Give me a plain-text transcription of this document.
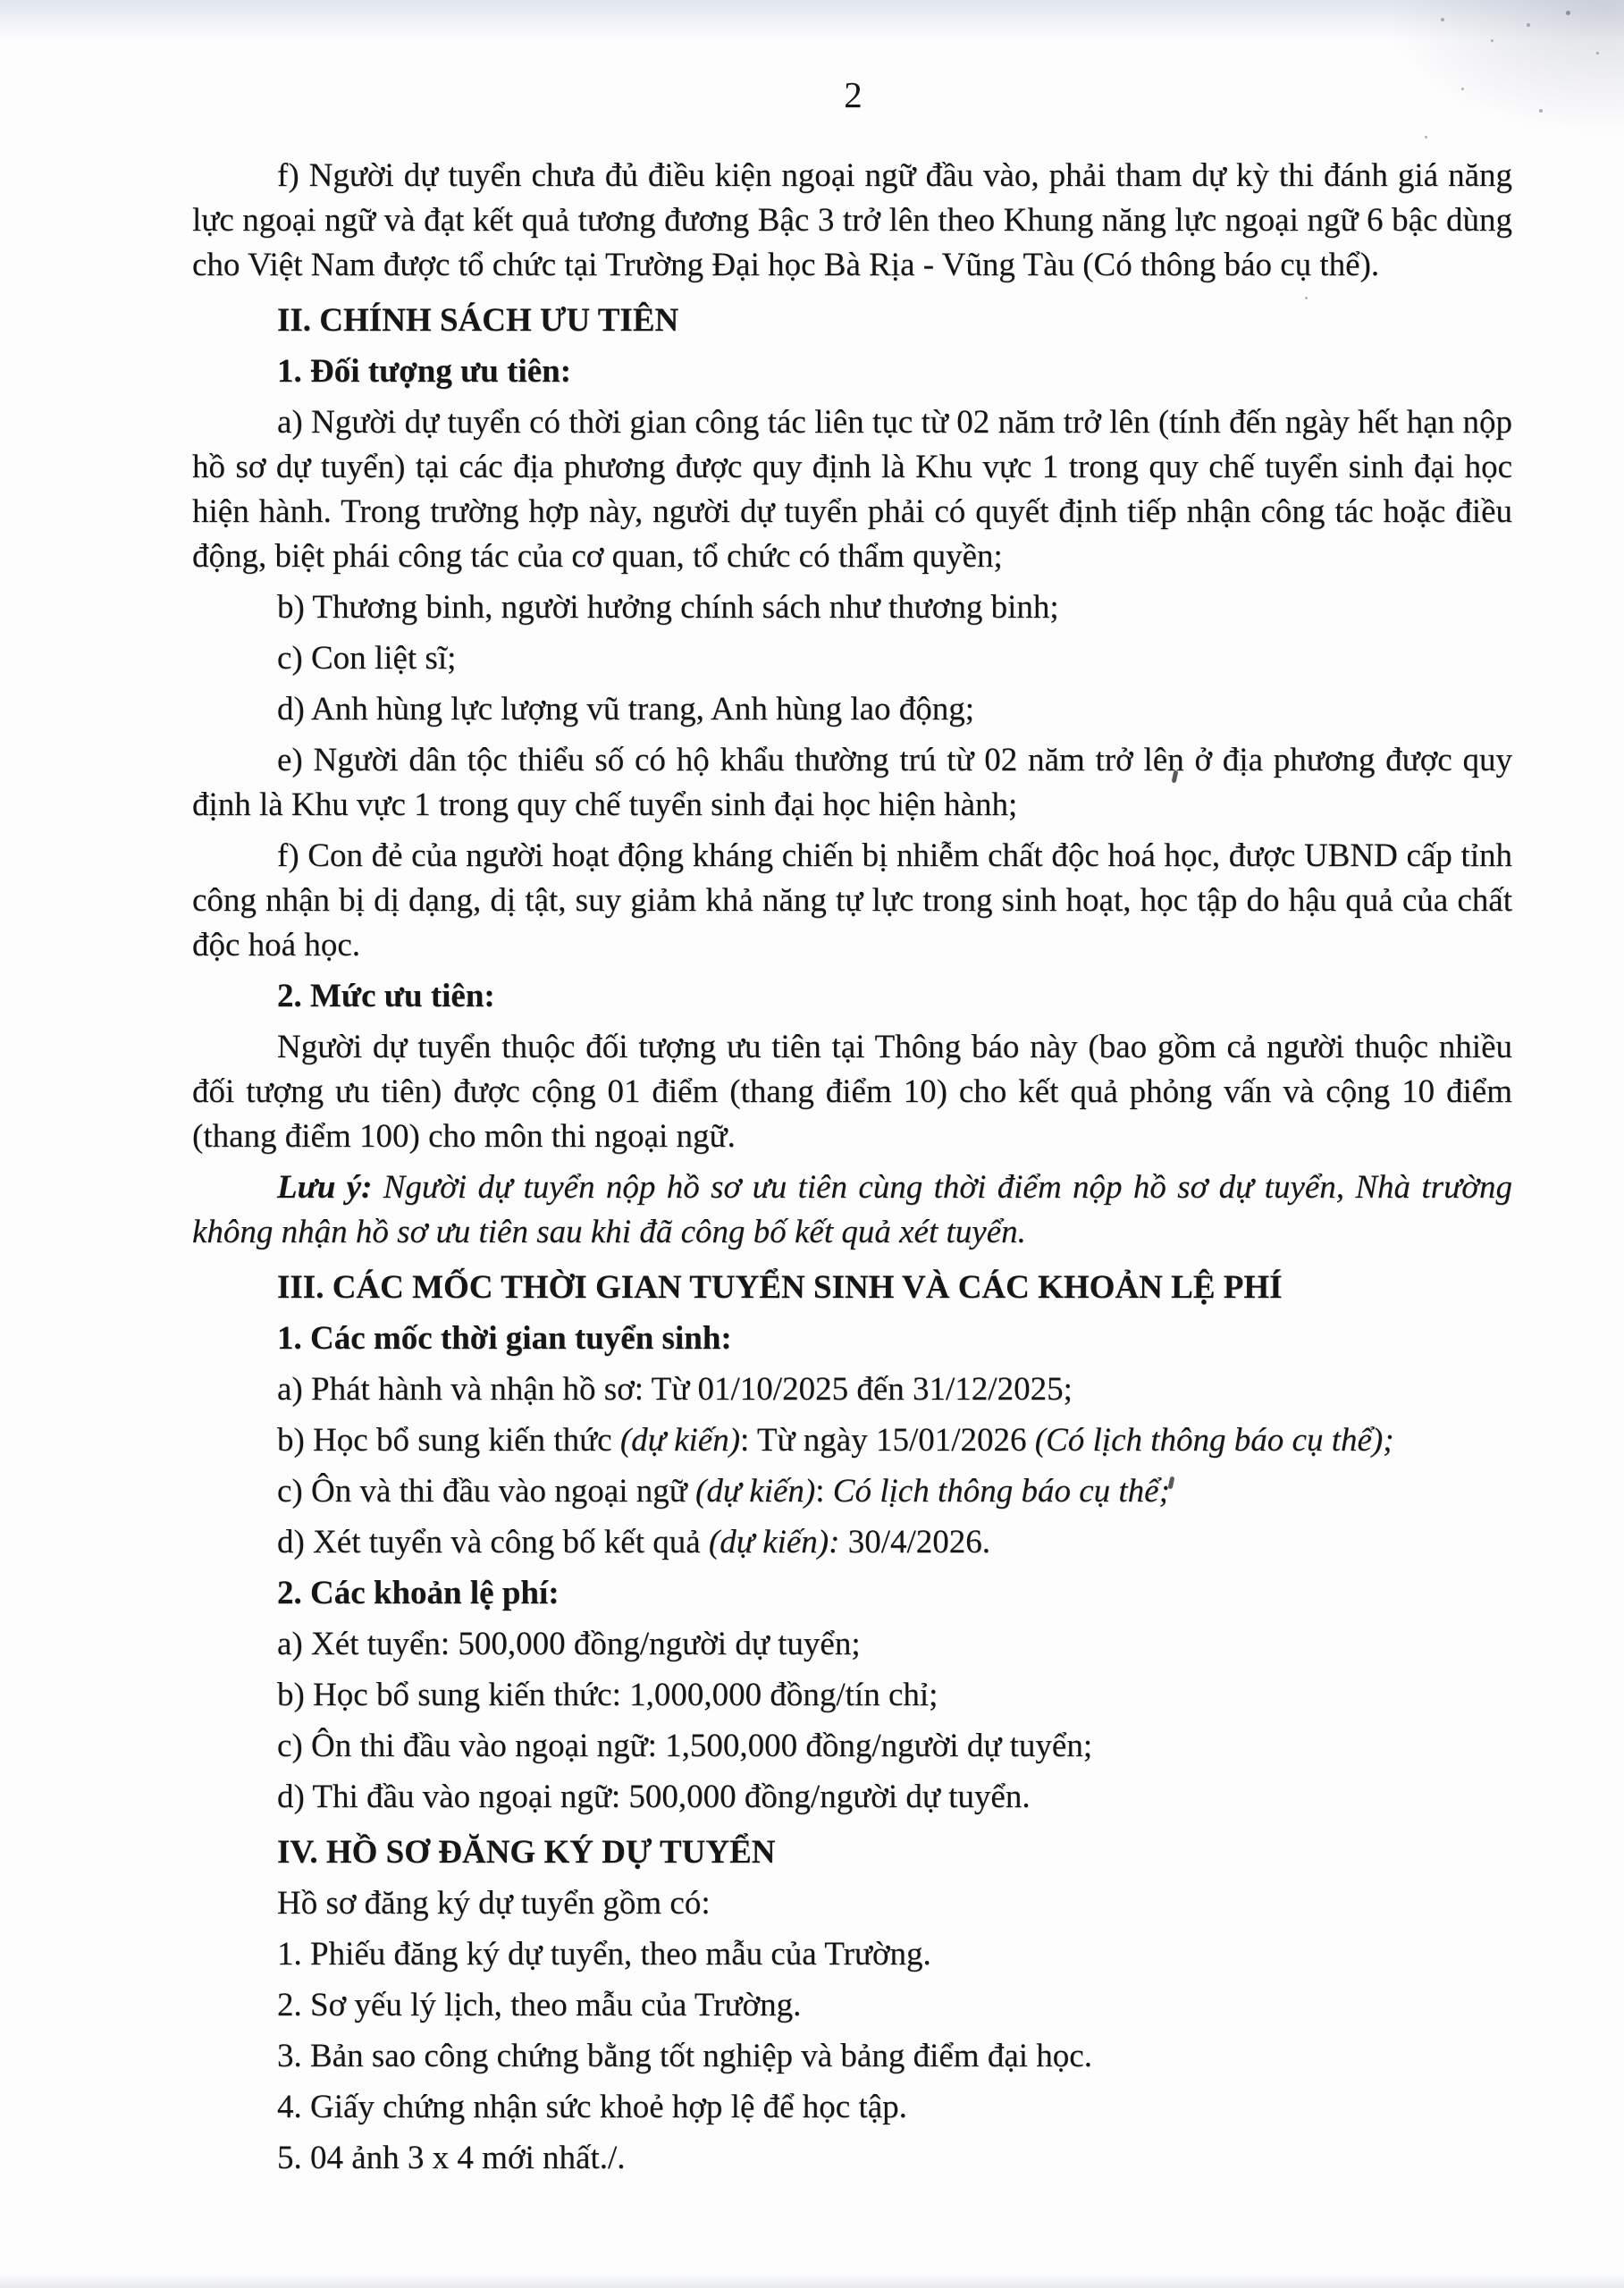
2

f) Người dự tuyển chưa đủ điều kiện ngoại ngữ đầu vào, phải tham dự kỳ thi đánh giá năng lực ngoại ngữ và đạt kết quả tương đương Bậc 3 trở lên theo Khung năng lực ngoại ngữ 6 bậc dùng cho Việt Nam được tổ chức tại Trường Đại học Bà Rịa - Vũng Tàu (Có thông báo cụ thể).

II. CHÍNH SÁCH ƯU TIÊN

1. Đối tượng ưu tiên:

a) Người dự tuyển có thời gian công tác liên tục từ 02 năm trở lên (tính đến ngày hết hạn nộp hồ sơ dự tuyển) tại các địa phương được quy định là Khu vực 1 trong quy chế tuyển sinh đại học hiện hành. Trong trường hợp này, người dự tuyển phải có quyết định tiếp nhận công tác hoặc điều động, biệt phái công tác của cơ quan, tổ chức có thẩm quyền;

b) Thương binh, người hưởng chính sách như thương binh;

c) Con liệt sĩ;

d) Anh hùng lực lượng vũ trang, Anh hùng lao động;

e) Người dân tộc thiểu số có hộ khẩu thường trú từ 02 năm trở lên ở địa phương được quy định là Khu vực 1 trong quy chế tuyển sinh đại học hiện hành;

f) Con đẻ của người hoạt động kháng chiến bị nhiễm chất độc hoá học, được UBND cấp tỉnh công nhận bị dị dạng, dị tật, suy giảm khả năng tự lực trong sinh hoạt, học tập do hậu quả của chất độc hoá học.

2. Mức ưu tiên:

Người dự tuyển thuộc đối tượng ưu tiên tại Thông báo này (bao gồm cả người thuộc nhiều đối tượng ưu tiên) được cộng 01 điểm (thang điểm 10) cho kết quả phỏng vấn và cộng 10 điểm (thang điểm 100) cho môn thi ngoại ngữ.

Lưu ý: Người dự tuyển nộp hồ sơ ưu tiên cùng thời điểm nộp hồ sơ dự tuyển, Nhà trường không nhận hồ sơ ưu tiên sau khi đã công bố kết quả xét tuyển.

III. CÁC MỐC THỜI GIAN TUYỂN SINH VÀ CÁC KHOẢN LỆ PHÍ

1. Các mốc thời gian tuyển sinh:

a) Phát hành và nhận hồ sơ: Từ 01/10/2025 đến 31/12/2025;

b) Học bổ sung kiến thức (dự kiến): Từ ngày 15/01/2026 (Có lịch thông báo cụ thể);

c) Ôn và thi đầu vào ngoại ngữ (dự kiến): Có lịch thông báo cụ thể;

d) Xét tuyển và công bố kết quả (dự kiến): 30/4/2026.

2. Các khoản lệ phí:

a) Xét tuyển: 500,000 đồng/người dự tuyển;

b) Học bổ sung kiến thức: 1,000,000 đồng/tín chỉ;

c) Ôn thi đầu vào ngoại ngữ: 1,500,000 đồng/người dự tuyển;

d) Thi đầu vào ngoại ngữ: 500,000 đồng/người dự tuyển.

IV. HỒ SƠ ĐĂNG KÝ DỰ TUYỂN

Hồ sơ đăng ký dự tuyển gồm có:

1. Phiếu đăng ký dự tuyển, theo mẫu của Trường.

2. Sơ yếu lý lịch, theo mẫu của Trường.

3. Bản sao công chứng bằng tốt nghiệp và bảng điểm đại học.

4. Giấy chứng nhận sức khoẻ hợp lệ để học tập.

5. 04 ảnh 3 x 4 mới nhất./.
